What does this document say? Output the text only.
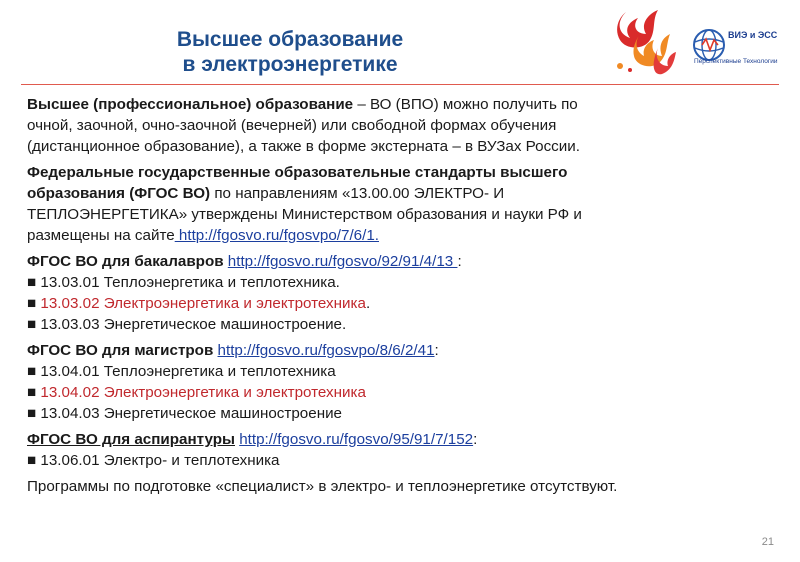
Высшее образование
в электроэнергетике
ВИЭ и ЭСС
Перспективные Технологии
Высшее (профессиональное) образование – ВО (ВПО) можно получить по
очной, заочной, очно-заочной (вечерней) или свободной формах обучения
(дистанционное образование), а также в форме экстерната – в ВУЗах России.
Федеральные государственные образовательные стандарты высшего
образования (ФГОС ВО) по направлениям «13.00.00 ЭЛЕКТРО- И
ТЕПЛОЭНЕРГЕТИКА» утверждены Министерством образования и науки РФ и
размещены на сайте http://fgosvo.ru/fgosvpo/7/6/1.
ФГОС ВО для бакалавров http://fgosvo.ru/fgosvo/92/91/4/13 :
■ 13.03.01 Теплоэнергетика и теплотехника.
■ 13.03.02 Электроэнергетика и электротехника.
■ 13.03.03 Энергетическое машиностроение.
ФГОС ВО для магистров http://fgosvo.ru/fgosvpo/8/6/2/41:
■ 13.04.01 Теплоэнергетика и теплотехника
■ 13.04.02 Электроэнергетика и электротехника
■ 13.04.03 Энергетическое машиностроение
ФГОС ВО для аспирантуры http://fgosvo.ru/fgosvo/95/91/7/152:
■ 13.06.01 Электро- и теплотехника
Программы по подготовке «специалист» в электро- и теплоэнергетике отсутствуют.
21
